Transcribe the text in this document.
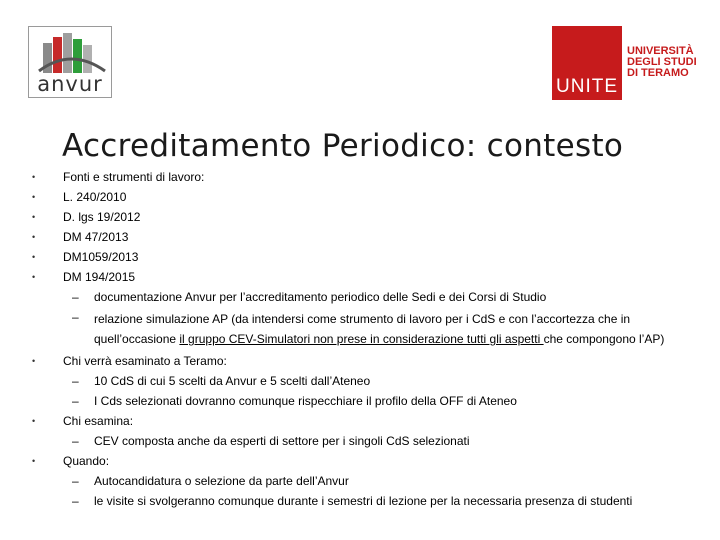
anvur	UNITE
UNIVERSITÀ
DEGLI STUDI
DI TERAMO
Accreditamento Periodico: contesto
• Fonti e strumenti di lavoro:
• L. 240/2010
• D. lgs 19/2012
• DM 47/2013
• DM1059/2013
• DM 194/2015
– documentazione Anvur per l’accreditamento periodico delle Sedi e dei Corsi di Studio
– relazione simulazione AP (da intendersi come strumento di lavoro per i CdS e con l’accortezza che in quell’occasione il gruppo CEV-Simulatori non prese in considerazione tutti gli aspetti che compongono l’AP)
• Chi verrà esaminato a Teramo:
– 10 CdS di cui 5 scelti da Anvur e 5 scelti dall’Ateneo
– I Cds selezionati dovranno comunque rispecchiare il profilo della OFF di Ateneo
• Chi esamina:
– CEV composta anche da esperti di settore per i singoli CdS selezionati
• Quando:
– Autocandidatura o selezione da parte dell’Anvur
– le visite si svolgeranno comunque durante i semestri di lezione per la necessaria presenza di studenti
